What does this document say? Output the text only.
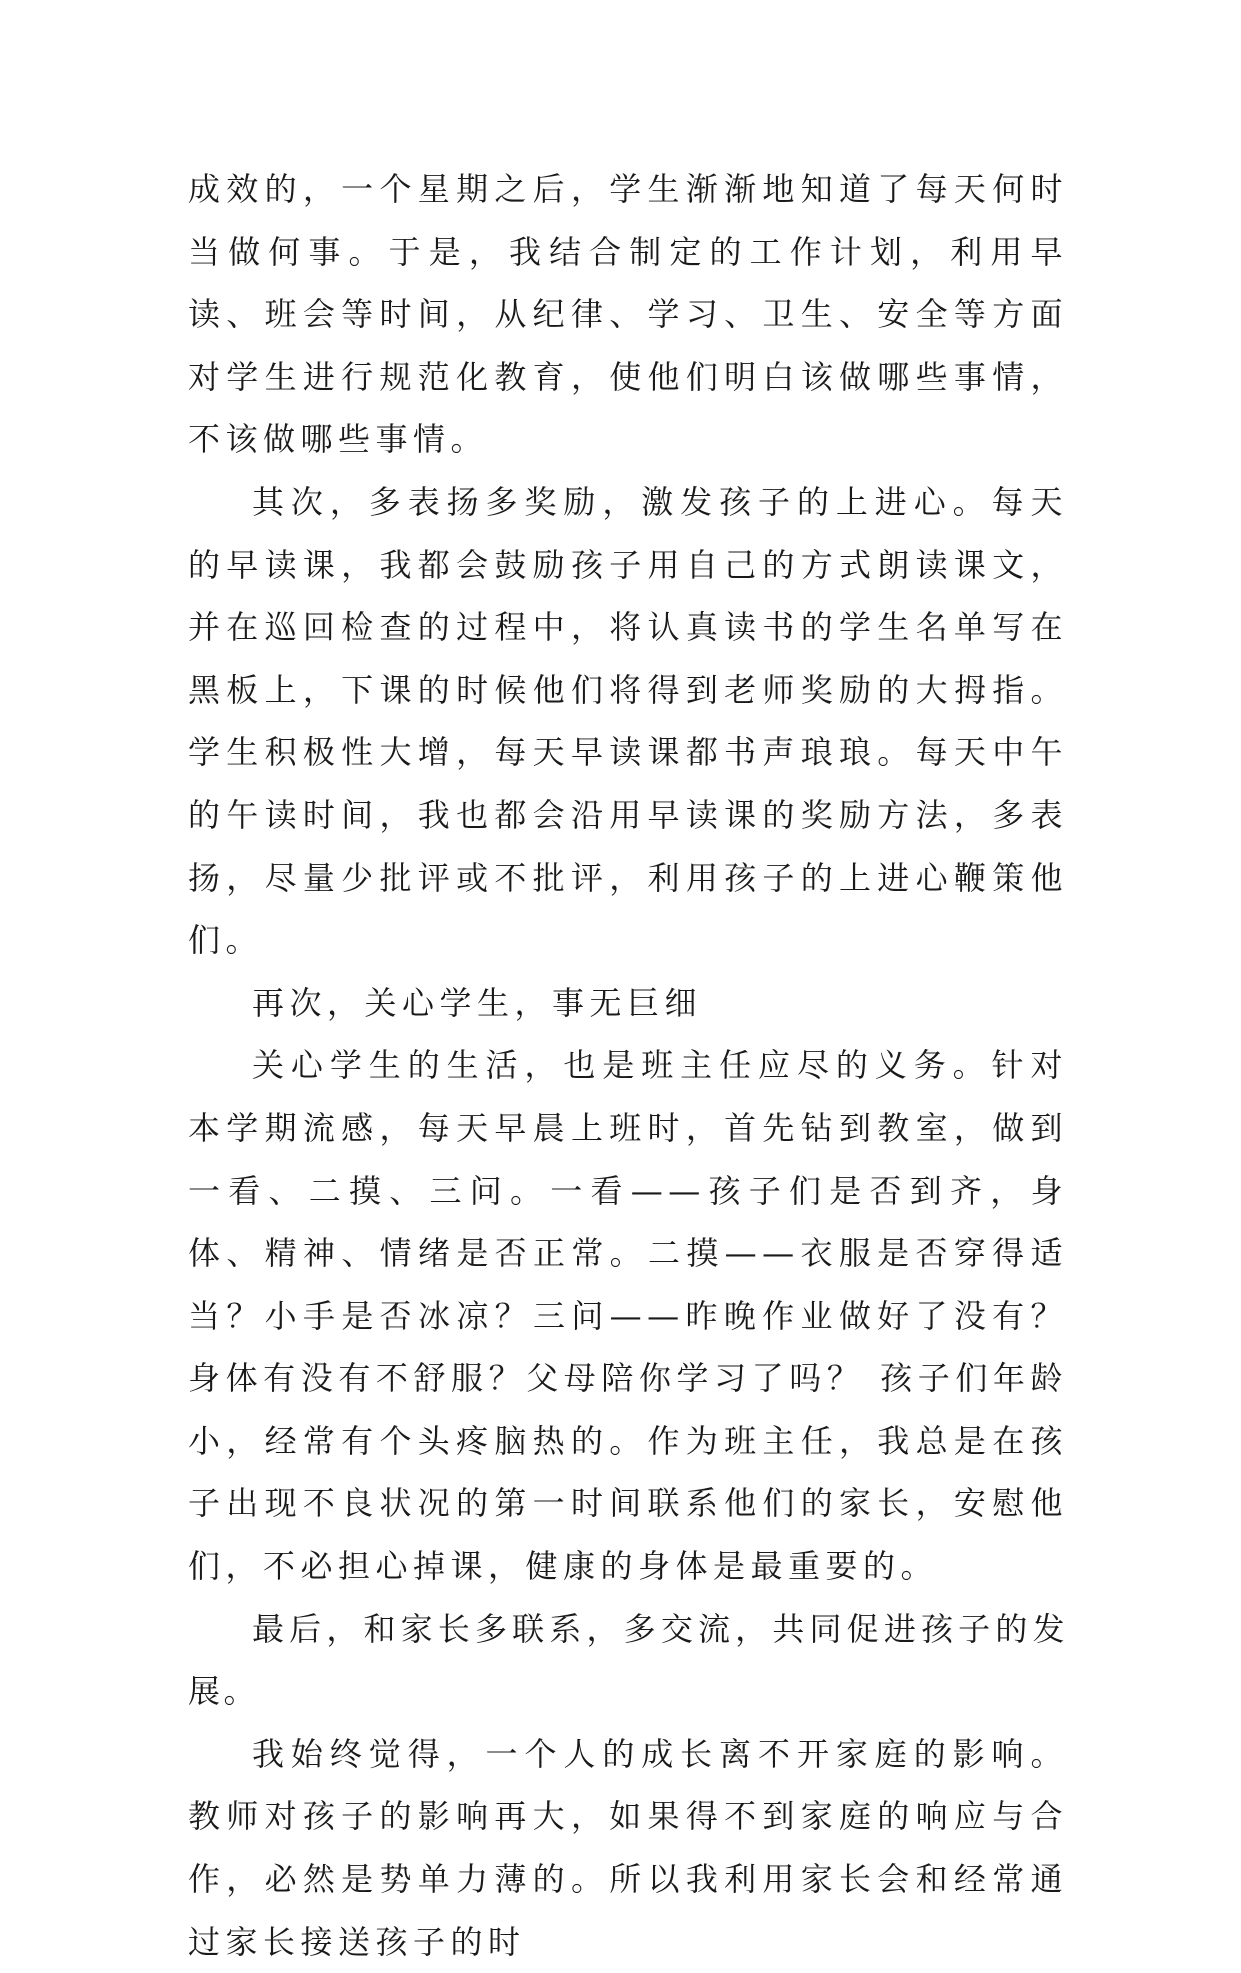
成效的，一个星期之后，学生渐渐地知道了每天何时当做何事。于是，我结合制定的工作计划，利用早读、班会等时间，从纪律、学习、卫生、安全等方面对学生进行规范化教育，使他们明白该做哪些事情，不该做哪些事情。

其次，多表扬多奖励，激发孩子的上进心。每天的早读课，我都会鼓励孩子用自己的方式朗读课文，并在巡回检查的过程中，将认真读书的学生名单写在黑板上，下课的时候他们将得到老师奖励的大拇指。学生积极性大增，每天早读课都书声琅琅。每天中午的午读时间，我也都会沿用早读课的奖励方法，多表扬，尽量少批评或不批评，利用孩子的上进心鞭策他们。

再次，关心学生，事无巨细

关心学生的生活，也是班主任应尽的义务。针对本学期流感，每天早晨上班时，首先钻到教室，做到一看、二摸、三问。一看——孩子们是否到齐，身体、精神、情绪是否正常。二摸——衣服是否穿得适当？小手是否冰凉？三问——昨晚作业做好了没有？身体有没有不舒服？父母陪你学习了吗？ 孩子们年龄小，经常有个头疼脑热的。作为班主任，我总是在孩子出现不良状况的第一时间联系他们的家长，安慰他们，不必担心掉课，健康的身体是最重要的。

最后，和家长多联系，多交流，共同促进孩子的发展。

我始终觉得，一个人的成长离不开家庭的影响。教师对孩子的影响再大，如果得不到家庭的响应与合作，必然是势单力薄的。所以我利用家长会和经常通过家长接送孩子的时
